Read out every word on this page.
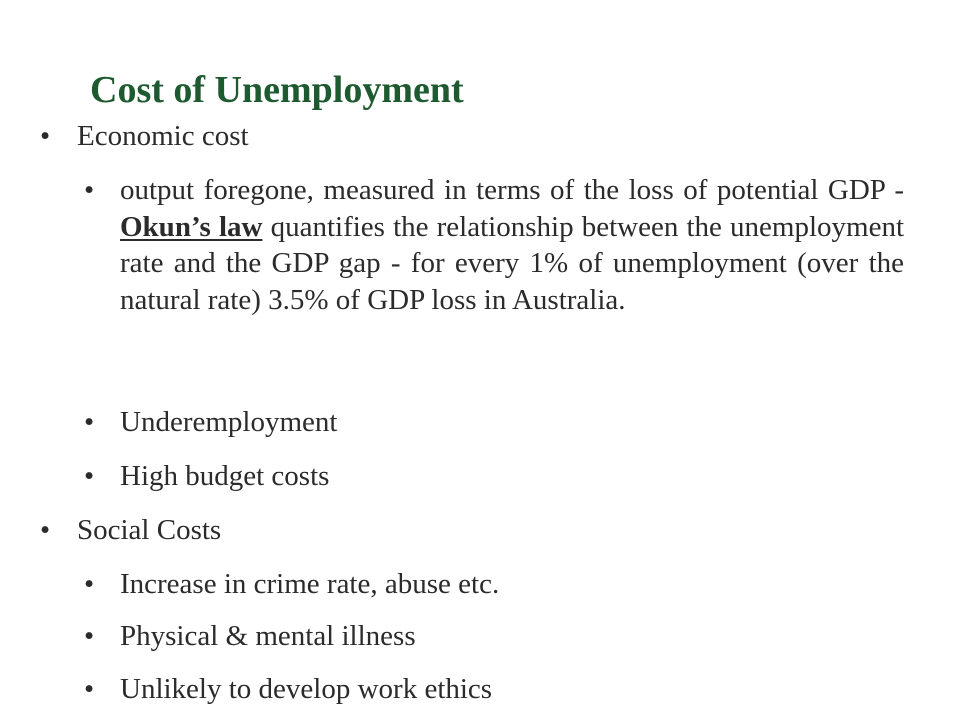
Cost of Unemployment
• Economic cost
• output foregone, measured in terms of the loss of potential GDP - Okun’s law quantifies the relationship between the unemployment rate and the GDP gap - for every 1% of unemployment (over the natural rate) 3.5% of GDP loss in Australia.
• Underemployment
• High budget costs
• Social Costs
• Increase in crime rate, abuse etc.
• Physical & mental illness
• Unlikely to develop work ethics
